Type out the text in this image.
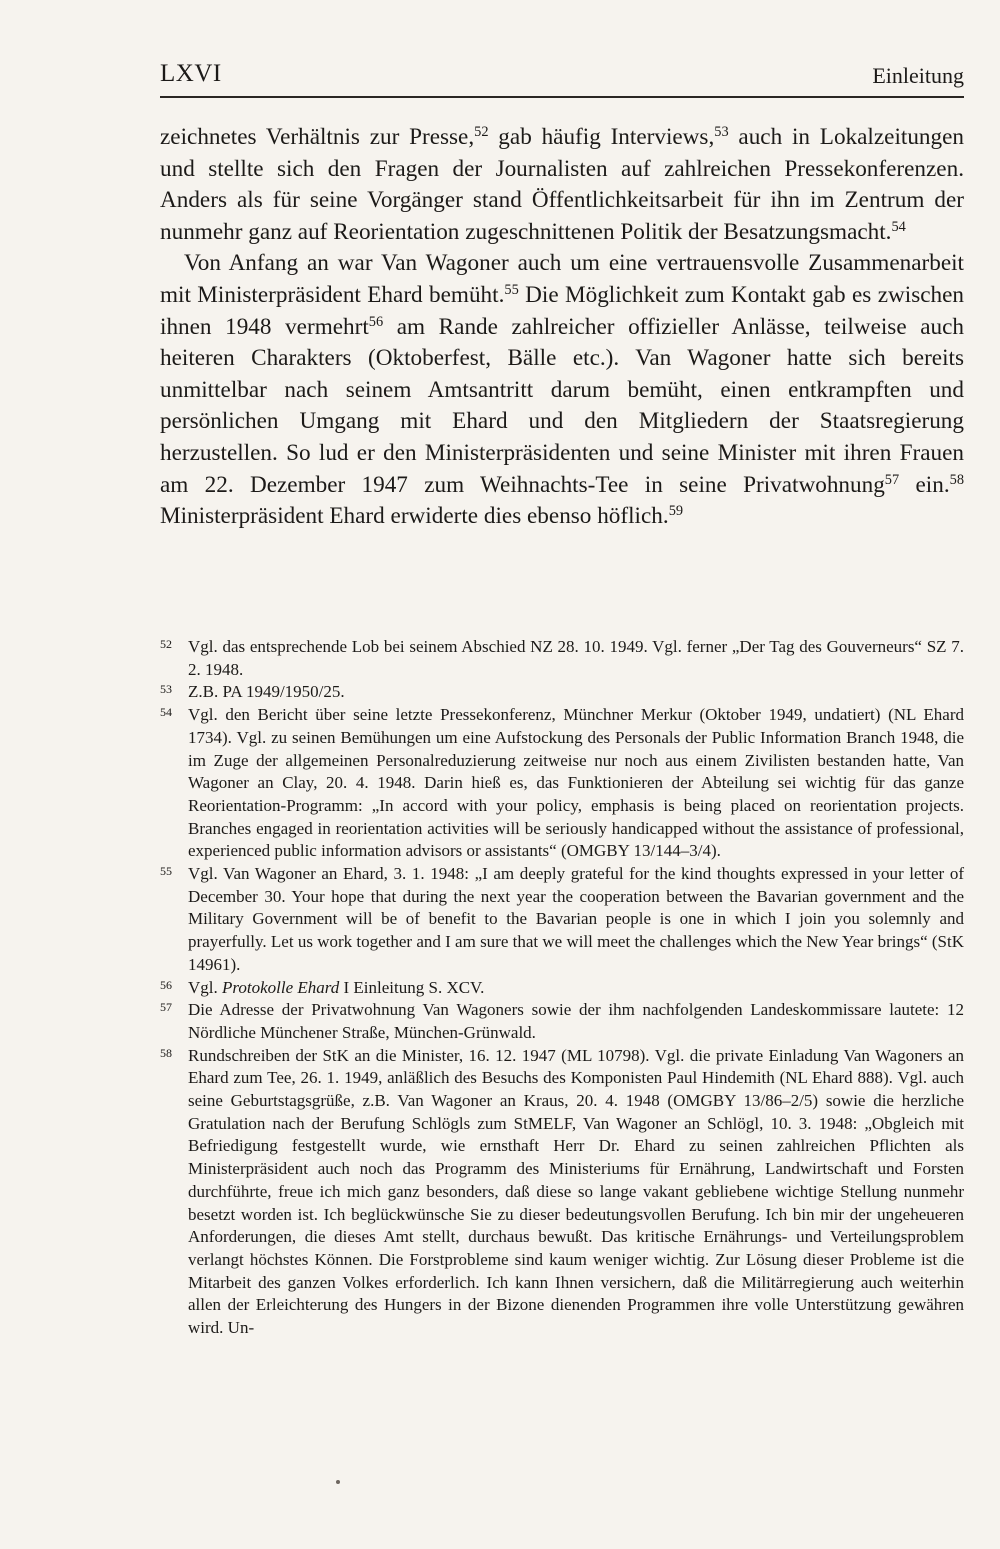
LXVI	Einleitung

zeichnetes Verhältnis zur Presse,$^{52}$ gab häufig Interviews,$^{53}$ auch in Lokalzeitungen und stellte sich den Fragen der Journalisten auf zahlreichen Pressekonferenzen. Anders als für seine Vorgänger stand Öffentlichkeitsarbeit für ihn im Zentrum der nunmehr ganz auf Reorientation zugeschnittenen Politik der Besatzungsmacht.$^{54}$

Von Anfang an war Van Wagoner auch um eine vertrauensvolle Zusammenarbeit mit Ministerpräsident Ehard bemüht.$^{55}$ Die Möglichkeit zum Kontakt gab es zwischen ihnen 1948 vermehrt$^{56}$ am Rande zahlreicher offizieller Anlässe, teilweise auch heiteren Charakters (Oktoberfest, Bälle etc.). Van Wagoner hatte sich bereits unmittelbar nach seinem Amtsantritt darum bemüht, einen entkrampften und persönlichen Umgang mit Ehard und den Mitgliedern der Staatsregierung herzustellen. So lud er den Ministerpräsidenten und seine Minister mit ihren Frauen am 22. Dezember 1947 zum Weihnachts-Tee in seine Privatwohnung$^{57}$ ein.$^{58}$ Ministerpräsident Ehard erwiderte dies ebenso höflich.$^{59}$

52 Vgl. das entsprechende Lob bei seinem Abschied NZ 28. 10. 1949. Vgl. ferner „Der Tag des Gouverneurs“ SZ 7. 2. 1948.
53 Z.B. PA 1949/1950/25.
54 Vgl. den Bericht über seine letzte Pressekonferenz, Münchner Merkur (Oktober 1949, undatiert) (NL Ehard 1734). Vgl. zu seinen Bemühungen um eine Aufstockung des Personals der Public Information Branch 1948, die im Zuge der allgemeinen Personalreduzierung zeitweise nur noch aus einem Zivilisten bestanden hatte, Van Wagoner an Clay, 20. 4. 1948. Darin hieß es, das Funktionieren der Abteilung sei wichtig für das ganze Reorientation-Programm: „In accord with your policy, emphasis is being placed on reorientation projects. Branches engaged in reorientation activities will be seriously handicapped without the assistance of professional, experienced public information advisors or assistants“ (OMGBY 13/144–3/4).
55 Vgl. Van Wagoner an Ehard, 3. 1. 1948: „I am deeply grateful for the kind thoughts expressed in your letter of December 30. Your hope that during the next year the cooperation between the Bavarian government and the Military Government will be of benefit to the Bavarian people is one in which I join you solemnly and prayerfully. Let us work together and I am sure that we will meet the challenges which the New Year brings“ (StK 14961).
56 Vgl. Protokolle Ehard I Einleitung S. XCV.
57 Die Adresse der Privatwohnung Van Wagoners sowie der ihm nachfolgenden Landeskommissare lautete: 12 Nördliche Münchener Straße, München-Grünwald.
58 Rundschreiben der StK an die Minister, 16. 12. 1947 (ML 10798). Vgl. die private Einladung Van Wagoners an Ehard zum Tee, 26. 1. 1949, anläßlich des Besuchs des Komponisten Paul Hindemith (NL Ehard 888). Vgl. auch seine Geburtstagsgrüße, z.B. Van Wagoner an Kraus, 20. 4. 1948 (OMGBY 13/86–2/5) sowie die herzliche Gratulation nach der Berufung Schlögls zum StMELF, Van Wagoner an Schlögl, 10. 3. 1948: „Obgleich mit Befriedigung festgestellt wurde, wie ernsthaft Herr Dr. Ehard zu seinen zahlreichen Pflichten als Ministerpräsident auch noch das Programm des Ministeriums für Ernährung, Landwirtschaft und Forsten durchführte, freue ich mich ganz besonders, daß diese so lange vakant gebliebene wichtige Stellung nunmehr besetzt worden ist. Ich beglückwünsche Sie zu dieser bedeutungsvollen Berufung. Ich bin mir der ungeheueren Anforderungen, die dieses Amt stellt, durchaus bewußt. Das kritische Ernährungs- und Verteilungsproblem verlangt höchstes Können. Die Forstprobleme sind kaum weniger wichtig. Zur Lösung dieser Probleme ist die Mitarbeit des ganzen Volkes erforderlich. Ich kann Ihnen versichern, daß die Militärregierung auch weiterhin allen der Erleichterung des Hungers in der Bizone dienenden Programmen ihre volle Unterstützung gewähren wird. Un-
